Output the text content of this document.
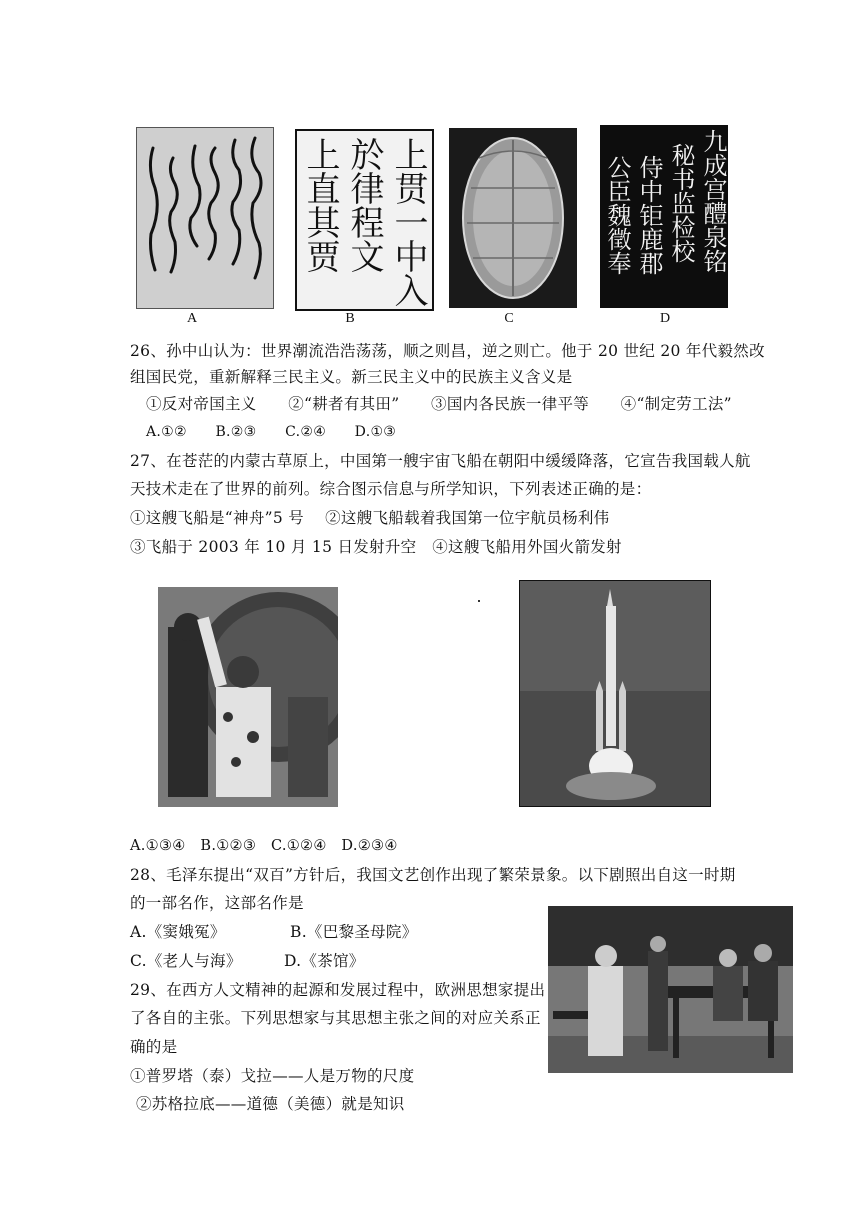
A
上贯一中入
於律程文
上直其贾
B	C
九成宫醴泉铭
秘书监检校
侍中钜鹿郡
公臣魏徵奉
D
26、孙中山认为：世界潮流浩浩荡荡，顺之则昌，逆之则亡。他于 20 世纪 20 年代毅然改
组国民党，重新解释三民主义。新三民主义中的民族主义含义是
①反对帝国主义　　②“耕者有其田”　　③国内各民族一律平等　　④“制定劳工法”
A.①②　　B.②③　　C.②④　　D.①③
27、在苍茫的内蒙古草原上，中国第一艘宇宙飞船在朝阳中缓缓降落，它宣告我国载人航
天技术走在了世界的前列。综合图示信息与所学知识，下列表述正确的是：
①这艘飞船是“神舟”5 号　 ②这艘飞船载着我国第一位宇航员杨利伟
③飞船于 2003 年 10 月 15 日发射升空　④这艘飞船用外国火箭发射
A.①③④　B.①②③　C.①②④　D.②③④
28、毛泽东提出“双百”方针后，我国文艺创作出现了繁荣景象。以下剧照出自这一时期
的一部名作，这部名作是
A.《窦娥冤》	B.《巴黎圣母院》
C.《老人与海》	D.《茶馆》
29、在西方人文精神的起源和发展过程中，欧洲思想家提出
了各自的主张。下列思想家与其思想主张之间的对应关系正
确的是
①普罗塔（泰）戈拉——人是万物的尺度
②苏格拉底——道德（美德）就是知识
